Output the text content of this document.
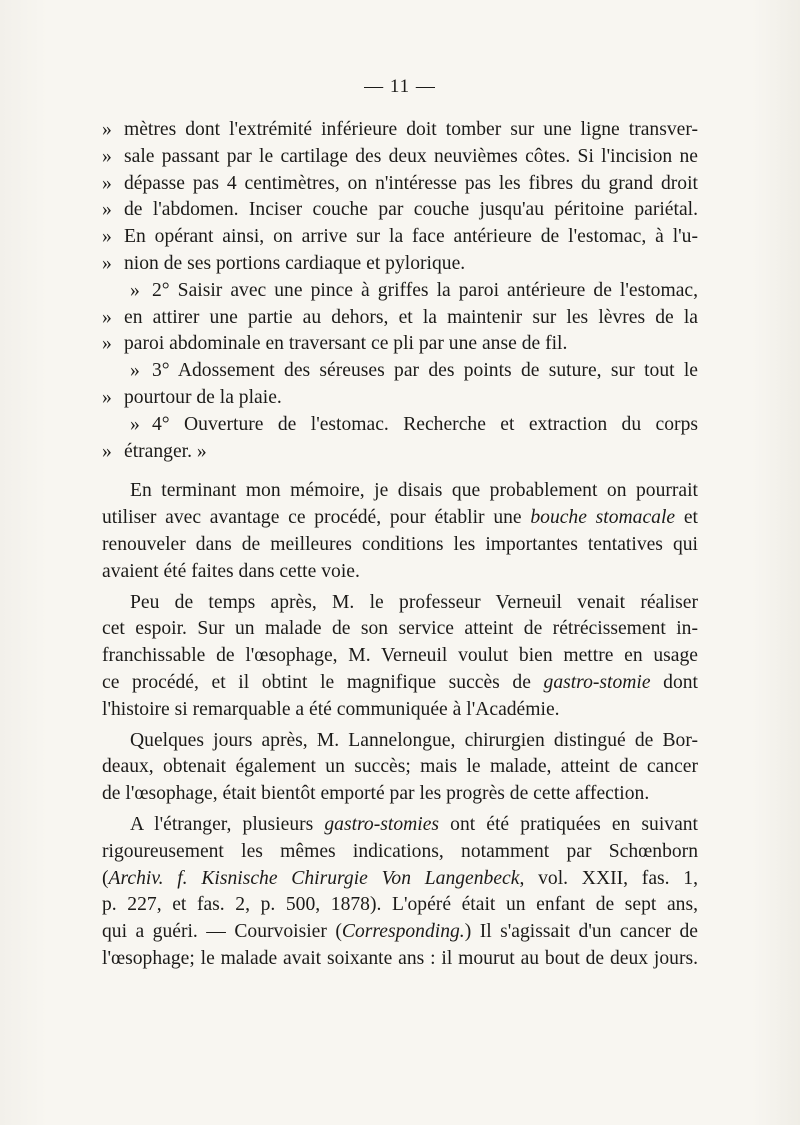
— 11 —
» mètres dont l'extrémité inférieure doit tomber sur une ligne transver-
» sale passant par le cartilage des deux neuvièmes côtes. Si l'incision ne
» dépasse pas 4 centimètres, on n'intéresse pas les fibres du grand droit
» de l'abdomen. Inciser couche par couche jusqu'au péritoine pariétal.
» En opérant ainsi, on arrive sur la face antérieure de l'estomac, à l'u-
» nion de ses portions cardiaque et pylorique.
» 2° Saisir avec une pince à griffes la paroi antérieure de l'estomac,
» en attirer une partie au dehors, et la maintenir sur les lèvres de la
» paroi abdominale en traversant ce pli par une anse de fil.
» 3° Adossement des séreuses par des points de suture, sur tout le
» pourtour de la plaie.
» 4° Ouverture de l'estomac. Recherche et extraction du corps
» étranger. »
En terminant mon mémoire, je disais que probablement on pourrait
utiliser avec avantage ce procédé, pour établir une bouche stomacale et
renouveler dans de meilleures conditions les importantes tentatives qui
avaient été faites dans cette voie.
Peu de temps après, M. le professeur Verneuil venait réaliser
cet espoir. Sur un malade de son service atteint de rétrécissement in-
franchissable de l'œsophage, M. Verneuil voulut bien mettre en usage
ce procédé, et il obtint le magnifique succès de gastro-stomie dont
l'histoire si remarquable a été communiquée à l'Académie.
Quelques jours après, M. Lannelongue, chirurgien distingué de Bor-
deaux, obtenait également un succès; mais le malade, atteint de cancer
de l'œsophage, était bientôt emporté par les progrès de cette affection.
A l'étranger, plusieurs gastro-stomies ont été pratiquées en suivant
rigoureusement les mêmes indications, notamment par Schœnborn
(Archiv. f. Kisnische Chirurgie Von Langenbeck, vol. XXII, fas. 1,
p. 227, et fas. 2, p. 500, 1878). L'opéré était un enfant de sept ans,
qui a guéri. — Courvoisier (Corresponding.) Il s'agissait d'un cancer de
l'œsophage; le malade avait soixante ans : il mourut au bout de deux jours.
